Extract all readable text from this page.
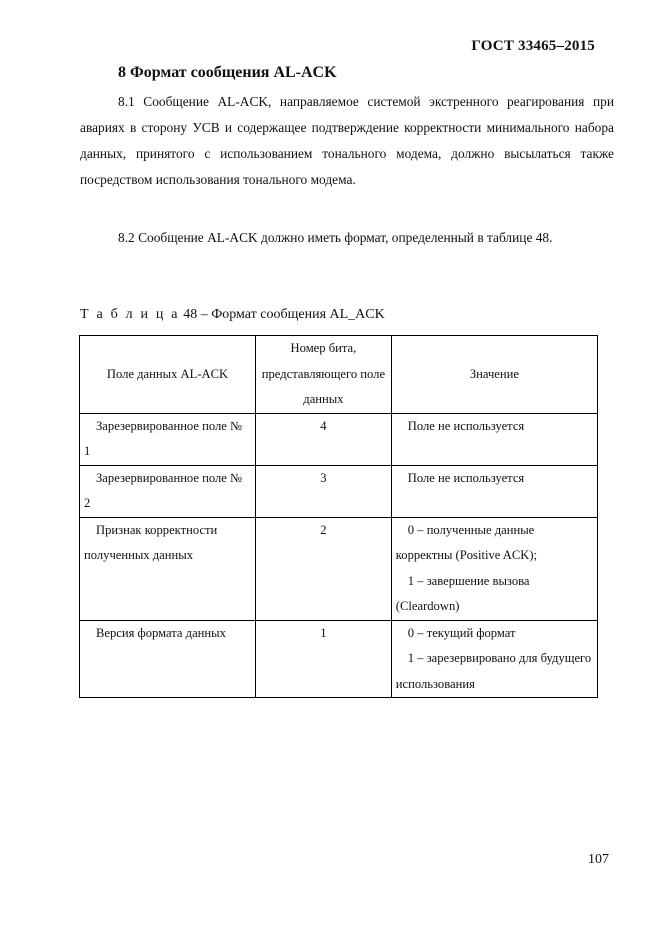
ГОСТ 33465–2015
8 Формат сообщения AL-ACK
8.1 Сообщение AL-ACK, направляемое системой экстренного реагирования при авариях в сторону УСВ и содержащее подтверждение корректности минимального набора данных, принятого с использованием тонального модема, должно высылаться также посредством использования тонального модема.
8.2 Сообщение AL-ACK должно иметь формат, определенный в таблице 48.
Т а б л и ц а 48 – Формат сообщения AL_ACK
Поле данных AL-ACK	Номер бита, представляющего поле данных	Значение
Зарезервированное поле № 1	4	Поле не используется
Зарезервированное поле № 2	3	Поле не используется
Признак корректности полученных данных	2	0 – полученные данные корректны (Positive ACK);
1 – завершение вызова (Cleardown)

Версия формата данных	1	0 – текущий формат
1 – зарезервировано для будущего использования
107
